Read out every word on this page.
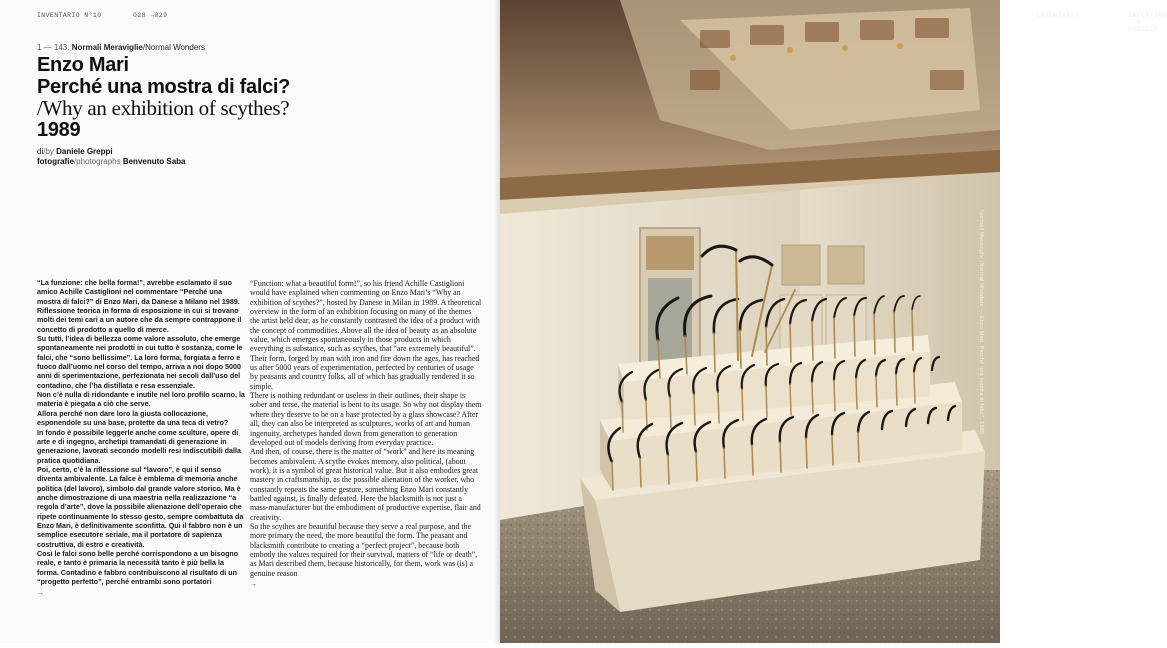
INVENTARIO N°10	028 →029
1 — 143. Normali Meraviglie/Normal Wonders
Enzo Mari
Perché una mostra di falci?
/Why an exhibition of scythes?
1989
di/by Daniele Greppi
fotografie/photographs Benvenuto Saba

“La funzione: che bella forma!”, avrebbe esclamato il suo amico Achille Castiglioni nel commentare “Perché una mostra di falci?” di Enzo Mari, da Danese a Milano nel 1989. Riflessione teorica in forma di esposizione in cui si trovano molti dei temi cari a un autore che da sempre contrappone il concetto di prodotto a quello di merce.

Su tutti, l’idea di bellezza come valore assoluto, che emerge spontaneamente nei prodotti in cui tutto è sostanza, come le falci, che “sono bellissime”. La loro forma, forgiata a ferro e fuoco dall’uomo nel corso del tempo, arriva a noi dopo 5000 anni di sperimentazione, perfezionata nei secoli dall’uso del contadino, che l’ha distillata e resa essenziale.

Non c’è nulla di ridondante e inutile nel loro profilo scarno, la materia è piegata a ciò che serve.

Allora perché non dare loro la giusta collocazione, esponendole su una base, protette da una teca di vetro?

In fondo è possibile leggerle anche come sculture, opere di arte e di ingegno, archetipi tramandati di generazione in generazione, lavorati secondo modelli resi indiscutibili dalla pratica quotidiana.

Poi, certo, c’è la riflessione sul “lavoro”, e qui il senso diventa ambivalente. La falce è emblema di memoria anche politica (del lavoro), simbolo dal grande valore storico. Ma è anche dimostrazione di una maestria nella realizzazione “a regola d’arte”, dove la possibile alienazione dell’operaio che ripete continuamente lo stesso gesto, sempre combattuta da Enzo Mari, è definitivamente sconfitta. Qui il fabbro non è un semplice esecutore seriale, ma il portatore di sapienza costruttiva, di estro e creatività.

Così le falci sono belle perché corrispondono a un bisogno reale, e tanto è primaria la necessità tanto è più bella la forma. Contadino e fabbro contribuiscono al risultato di un “progetto perfetto”, perché entrambi sono portatori

→

“Function: what a beautiful form!”, so his friend Achille Castiglioni would have explained when commenting on Enzo Mari’s “Why an exhibition of scythes?”, hosted by Danese in Milan in 1989. A theoretical overview in the form of an exhibition focusing on many of the themes the artist held dear, as he constantly contrasted the idea of a product with the concept of commodities. Above all the idea of beauty as an absolute value, which emerges spontaneously in those products in which everything is substance, such as scythes, that “are extremely beautiful”. Their form, forged by man with iron and fire down the ages, has reached us after 5000 years of experimentation, perfected by centuries of usage by peasants and country folks, all of which has gradually rendered it so simple.

There is nothing redundant or useless in their outlines, their shape is sober and terse, the material is bent to its usage. So why not display them where they deserve to be on a base protected by a glass showcase? After all, they can also be interpreted as sculptures, works of art and human ingenuity, archetypes handed down from generation to generation developed out of models deriving from everyday practice.

And then, of course, there is the matter of “work” and here its meaning becomes ambivalent. A scythe evokes memory, also political, (about work), it is a symbol of great historical value. But it also embodies great mastery in craftsmanship, as the possible alienation of the worker, who constantly repeats the same gesture, something Enzo Mari constantly battled against, is finally defeated. Here the blacksmith is not just a mass-manufacturer but the embodiment of productive expertise, flair and creativity.

So the scythes are beautiful because they serve a real purpose, and the more primary the need, the more beautiful the form. The peasant and blacksmith contribute to creating a “perfect project”, because both embody the values required for their survival, matters of “life or death”, as Mari described them, because historically, for them, work was (is) a genuine reason

→
INVENTARIO	INVENTING · A · PROJECT
Normali Meraviglie /Normal Wonders — Enzo Mari. Perché una mostra di falci?, 1989
